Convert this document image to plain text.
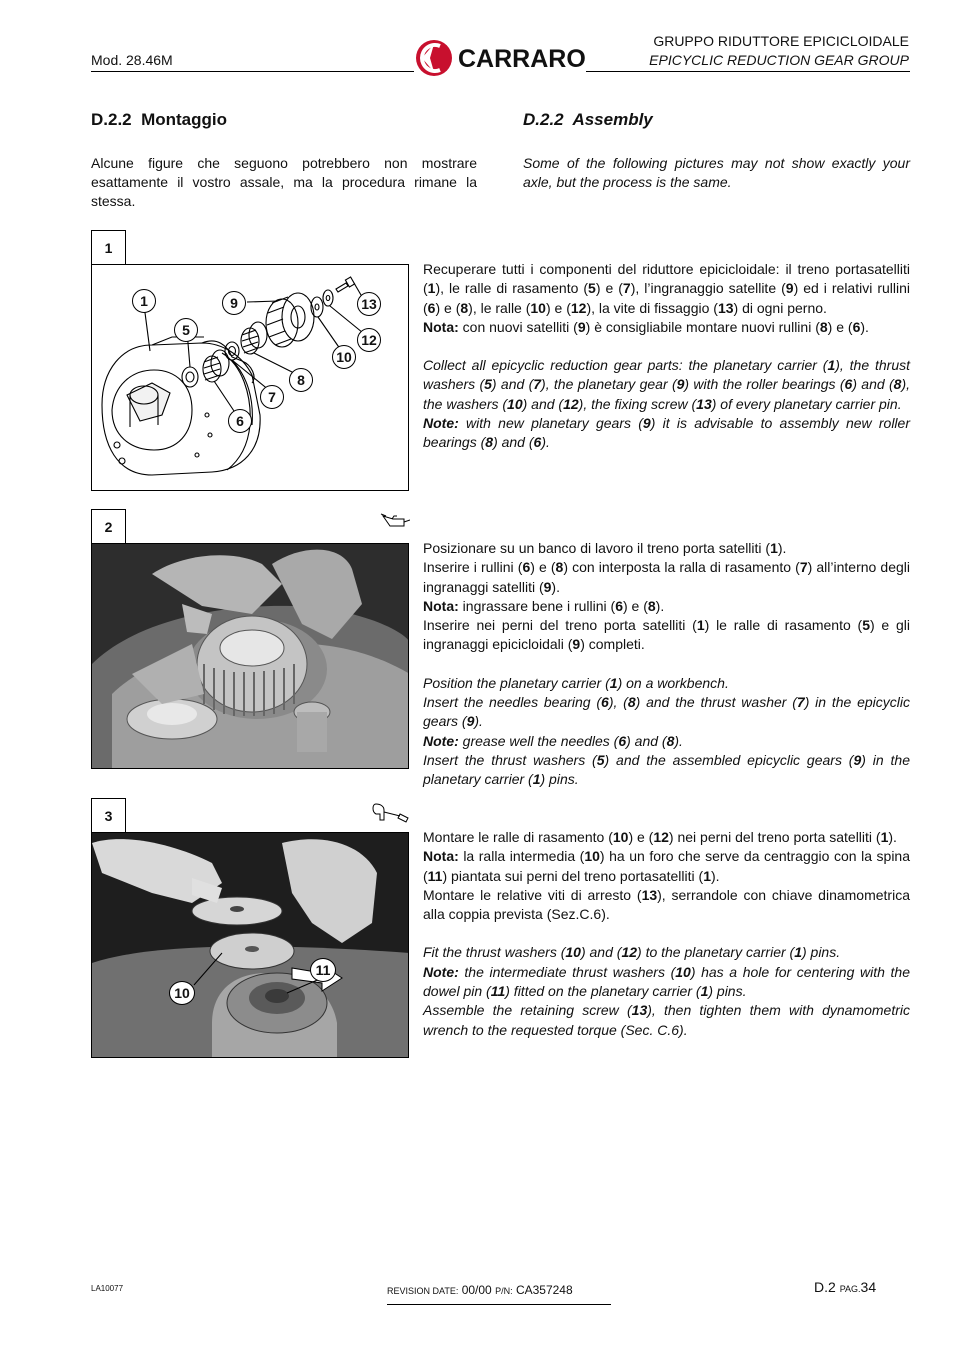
Mod. 28.46M	CARRARO
GRUPPO RIDUTTORE EPICICLOIDALE
EPICYCLIC REDUCTION GEAR GROUP
D.2.2  Montaggio	D.2.2  Assembly
Alcune figure che seguono potrebbero non mostrare esattamente il vostro assale, ma la procedura rimane la stessa.
Some of the following pictures may not show exactly your axle, but the process is the same.
1
1
5
9
6
7
8
10
12
13

Recuperare tutti i componenti del riduttore epicicloidale: il treno portasatelliti (1), le ralle di rasamento (5) e (7), l’ingranaggio satellite (9) ed i relativi rullini (6) e (8), le ralle (10) e (12), la vite di fissaggio (13) di ogni perno.

Nota: con nuovi satelliti (9) è consigliabile montare nuovi rullini (8) e (6).

Collect all epicyclic reduction gear parts: the planetary carrier (1), the thrust washers (5) and (7), the planetary gear (9) with the roller bearings (6) and (8), the washers (10) and (12), the fixing screw (13) of every planetary carrier pin.

Note: with new planetary gears (9) it is advisable to assembly new roller bearings (8) and (6).

2

Posizionare su un banco di lavoro il treno porta satelliti (1).

Inserire i rullini (6) e (8) con interposta la ralla di rasamento (7) all’interno degli ingranaggi satelliti (9).

Nota: ingrassare bene i rullini (6) e (8).

Inserire nei perni del treno porta satelliti (1) le ralle di rasamento (5) e gli ingranaggi epicicloidali (9) completi.

Position the planetary carrier (1) on a workbench.

Insert the needles bearing (6), (8) and the thrust washer (7) in the epicyclic gears (9).

Note: grease well the needles (6) and (8).

Insert the thrust washers (5) and the assembled epicyclic gears (9) in the planetary carrier (1) pins.

3
10
11

Montare le ralle di rasamento (10) e (12) nei perni del treno porta satelliti (1).

Nota: la ralla intermedia (10) ha un foro che serve da centraggio con la spina (11) piantata sui perni del treno portasatelliti (1).

Montare le relative viti di arresto (13), serrandole con chiave dinamometrica alla coppia prevista (Sez.C.6).

Fit the thrust washers (10) and (12) to the planetary carrier (1) pins.

Note: the intermediate thrust washers (10) has a hole for centering with the dowel pin (11) fitted on the planetary carrier (1) pins.

Assemble the retaining screw (13), then tighten them with dynamometric wrench to the requested torque (Sec. C.6).

LA10077	REVISION DATE: 00/00 P/N: CA357248	D.2 PAG.34
